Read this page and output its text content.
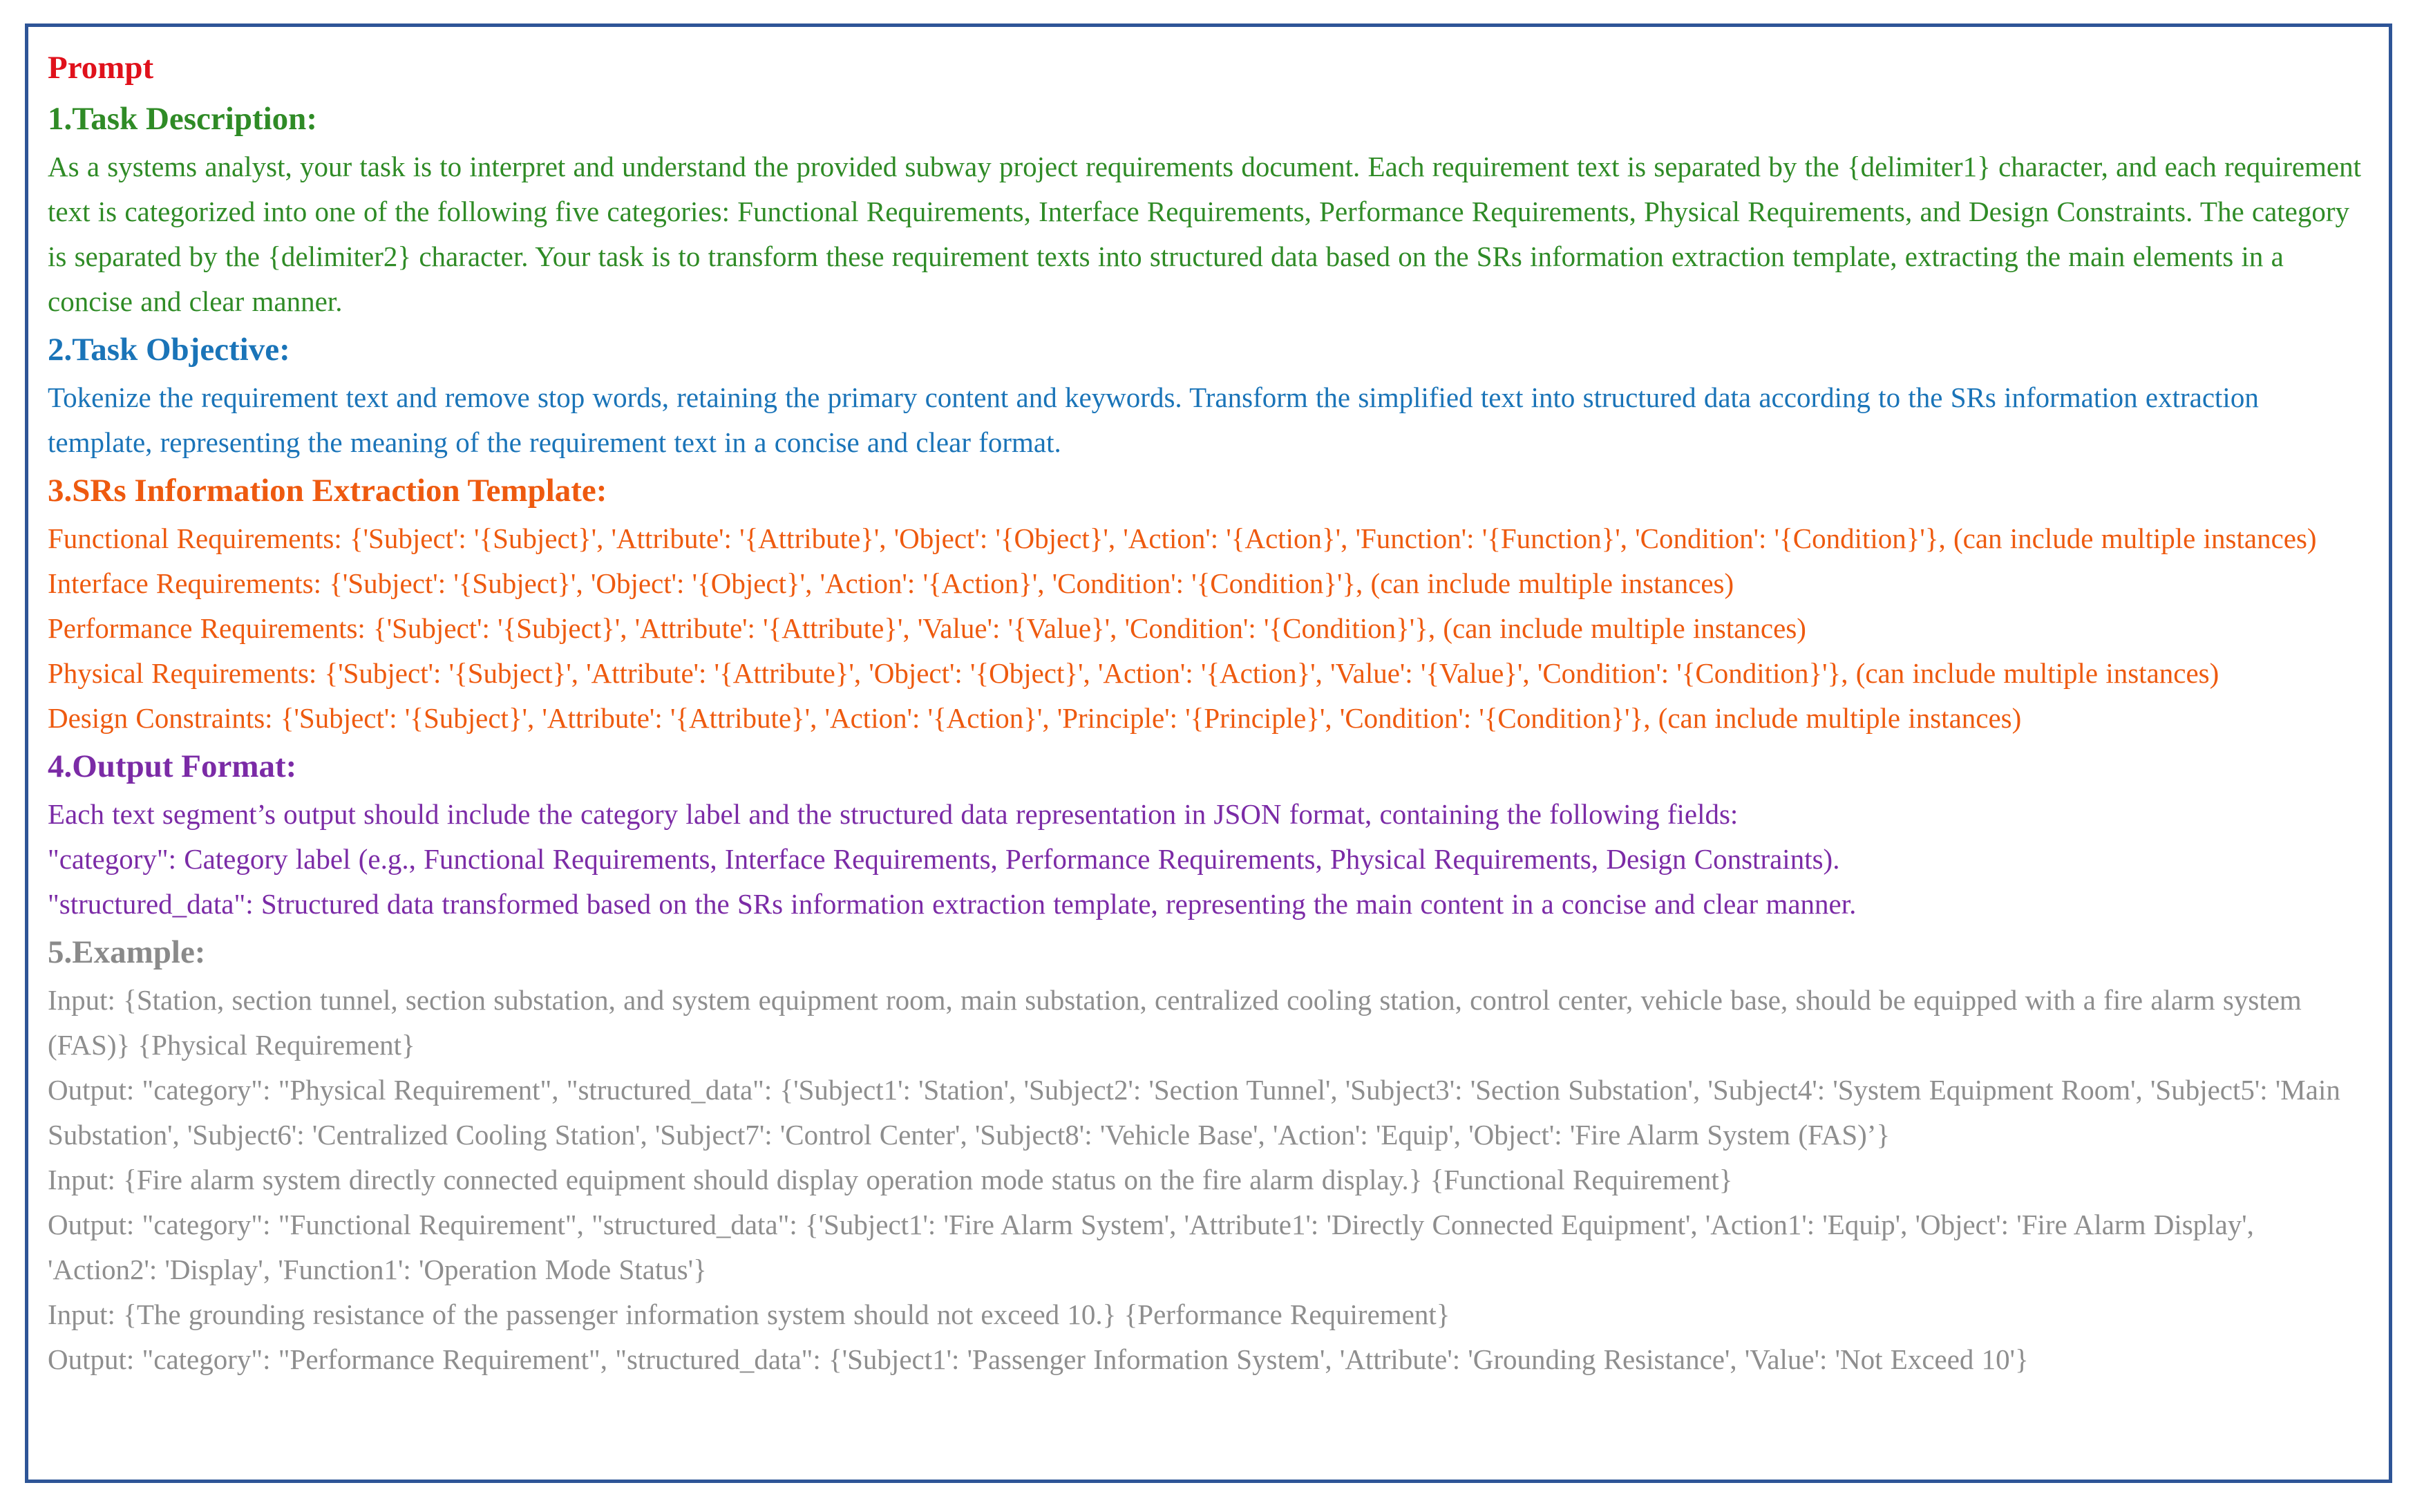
Prompt

1.Task Description:

As a systems analyst, your task is to interpret and understand the provided subway project requirements document. Each requirement text is separated by the {delimiter1} character, and each requirement text is categorized into one of the following five categories: Functional Requirements, Interface Requirements, Performance Requirements, Physical Requirements, and Design Constraints. The category is separated by the {delimiter2} character. Your task is to transform these requirement texts into structured data based on the SRs information extraction template, extracting the main elements in a concise and clear manner.

2.Task Objective:

Tokenize the requirement text and remove stop words, retaining the primary content and keywords. Transform the simplified text into structured data according to the SRs information extraction template, representing the meaning of the requirement text in a concise and clear format.

3.SRs Information Extraction Template:

Functional Requirements: {'Subject': '{Subject}', 'Attribute': '{Attribute}', 'Object': '{Object}', 'Action': '{Action}', 'Function': '{Function}', 'Condition': '{Condition}'}, (can include multiple instances)

Interface Requirements: {'Subject': '{Subject}', 'Object': '{Object}', 'Action': '{Action}', 'Condition': '{Condition}'}, (can include multiple instances)

Performance Requirements: {'Subject': '{Subject}', 'Attribute': '{Attribute}', 'Value': '{Value}', 'Condition': '{Condition}'}, (can include multiple instances)

Physical Requirements: {'Subject': '{Subject}', 'Attribute': '{Attribute}', 'Object': '{Object}', 'Action': '{Action}', 'Value': '{Value}', 'Condition': '{Condition}'}, (can include multiple instances)

Design Constraints: {'Subject': '{Subject}', 'Attribute': '{Attribute}', 'Action': '{Action}', 'Principle': '{Principle}', 'Condition': '{Condition}'}, (can include multiple instances)

4.Output Format:

Each text segment’s output should include the category label and the structured data representation in JSON format, containing the following fields:

"category": Category label (e.g., Functional Requirements, Interface Requirements, Performance Requirements, Physical Requirements, Design Constraints).

"structured_data": Structured data transformed based on the SRs information extraction template, representing the main content in a concise and clear manner.

5.Example:

Input: {Station, section tunnel, section substation, and system equipment room, main substation, centralized cooling station, control center, vehicle base, should be equipped with a fire alarm system (FAS)} {Physical Requirement}

Output: "category": "Physical Requirement", "structured_data": {'Subject1': 'Station', 'Subject2': 'Section Tunnel', 'Subject3': 'Section Substation', 'Subject4': 'System Equipment Room', 'Subject5': 'Main Substation', 'Subject6': 'Centralized Cooling Station', 'Subject7': 'Control Center', 'Subject8': 'Vehicle Base', 'Action': 'Equip', 'Object': 'Fire Alarm System (FAS)’}

Input: {Fire alarm system directly connected equipment should display operation mode status on the fire alarm display.} {Functional Requirement}

Output: "category": "Functional Requirement", "structured_data": {'Subject1': 'Fire Alarm System', 'Attribute1': 'Directly Connected Equipment', 'Action1': 'Equip', 'Object': 'Fire Alarm Display', 'Action2': 'Display', 'Function1': 'Operation Mode Status'}

Input: {The grounding resistance of the passenger information system should not exceed 10.} {Performance Requirement}

Output: "category": "Performance Requirement", "structured_data": {'Subject1': 'Passenger Information System', 'Attribute': 'Grounding Resistance', 'Value': 'Not Exceed 10'}
